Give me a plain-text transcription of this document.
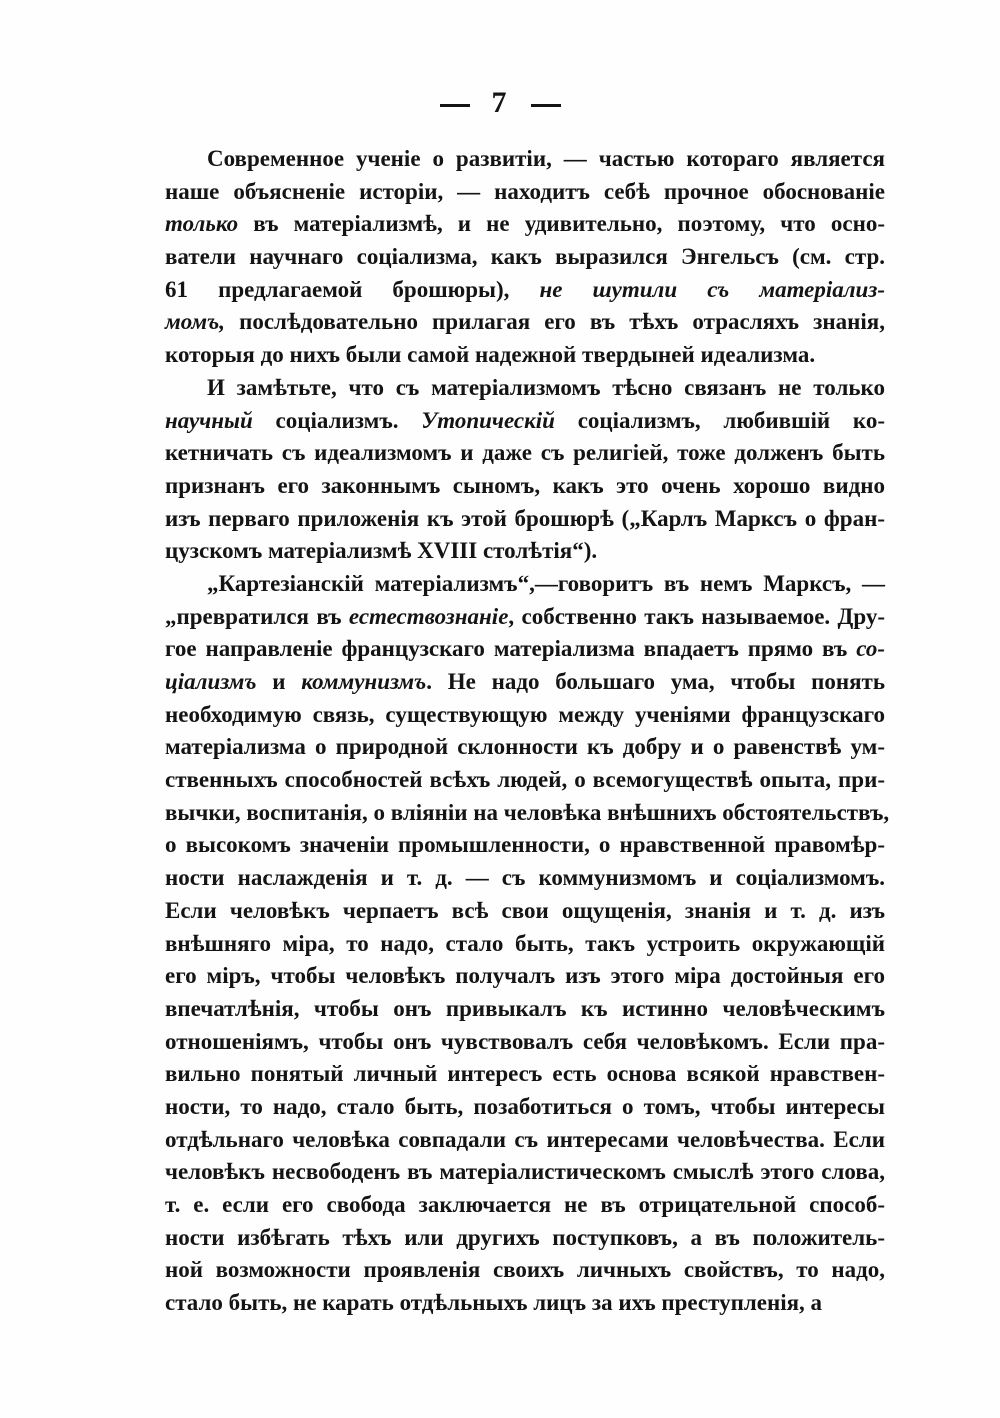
7
Современное ученіе о развитіи, — частью котораго является
наше объясненіе исторіи, — находитъ себѣ прочное обоснованіе
только въ матеріализмѣ, и не удивительно, поэтому, что осно-
ватели научнаго соціализма, какъ выразился Энгельсъ (см. стр.
61 предлагаемой брошюры), не шутили съ матеріализ-
момъ, послѣдовательно прилагая его въ тѣхъ отрасляхъ знанія,
которыя до нихъ были самой надежной твердыней идеализма.
И замѣтьте, что съ матеріализмомъ тѣсно связанъ не только
научный соціализмъ. Утопическій соціализмъ, любившій ко-
кетничать съ идеализмомъ и даже съ религіей, тоже долженъ быть
признанъ его законнымъ сыномъ, какъ это очень хорошо видно
изъ перваго приложенія къ этой брошюрѣ („Карлъ Марксъ о фран-
цузскомъ матеріализмѣ XVIII столѣтія“).
„Картезіанскій матеріализмъ“,—говоритъ въ немъ Марксъ, —
„превратился въ естествознаніе, собственно такъ называемое. Дру-
гое направленіе французскаго матеріализма впадаетъ прямо въ со-
ціализмъ и коммунизмъ. Не надо большаго ума, чтобы понять
необходимую связь, существующую между ученіями французскаго
матеріализма о природной склонности къ добру и о равенствѣ ум-
ственныхъ способностей всѣхъ людей, о всемогуществѣ опыта, при-
вычки, воспитанія, о вліяніи на человѣка внѣшнихъ обстоятельствъ,
о высокомъ значеніи промышленности, о нравственной правомѣр-
ности наслажденія и т. д. — съ коммунизмомъ и соціализмомъ.
Если человѣкъ черпаетъ всѣ свои ощущенія, знанія и т. д. изъ
внѣшняго міра, то надо, стало быть, такъ устроить окружающій
его міръ, чтобы человѣкъ получалъ изъ этого міра достойныя его
впечатлѣнія, чтобы онъ привыкалъ къ истинно человѣческимъ
отношеніямъ, чтобы онъ чувствовалъ себя человѣкомъ. Если пра-
вильно понятый личный интересъ есть основа всякой нравствен-
ности, то надо, стало быть, позаботиться о томъ, чтобы интересы
отдѣльнаго человѣка совпадали съ интересами человѣчества. Если
человѣкъ несвободенъ въ матеріалистическомъ смыслѣ этого слова,
т. е. если его свобода заключается не въ отрицательной способ-
ности избѣгать тѣхъ или другихъ поступковъ, а въ положитель-
ной возможности проявленія своихъ личныхъ свойствъ, то надо,
стало быть, не карать отдѣльныхъ лицъ за ихъ преступленія, а
